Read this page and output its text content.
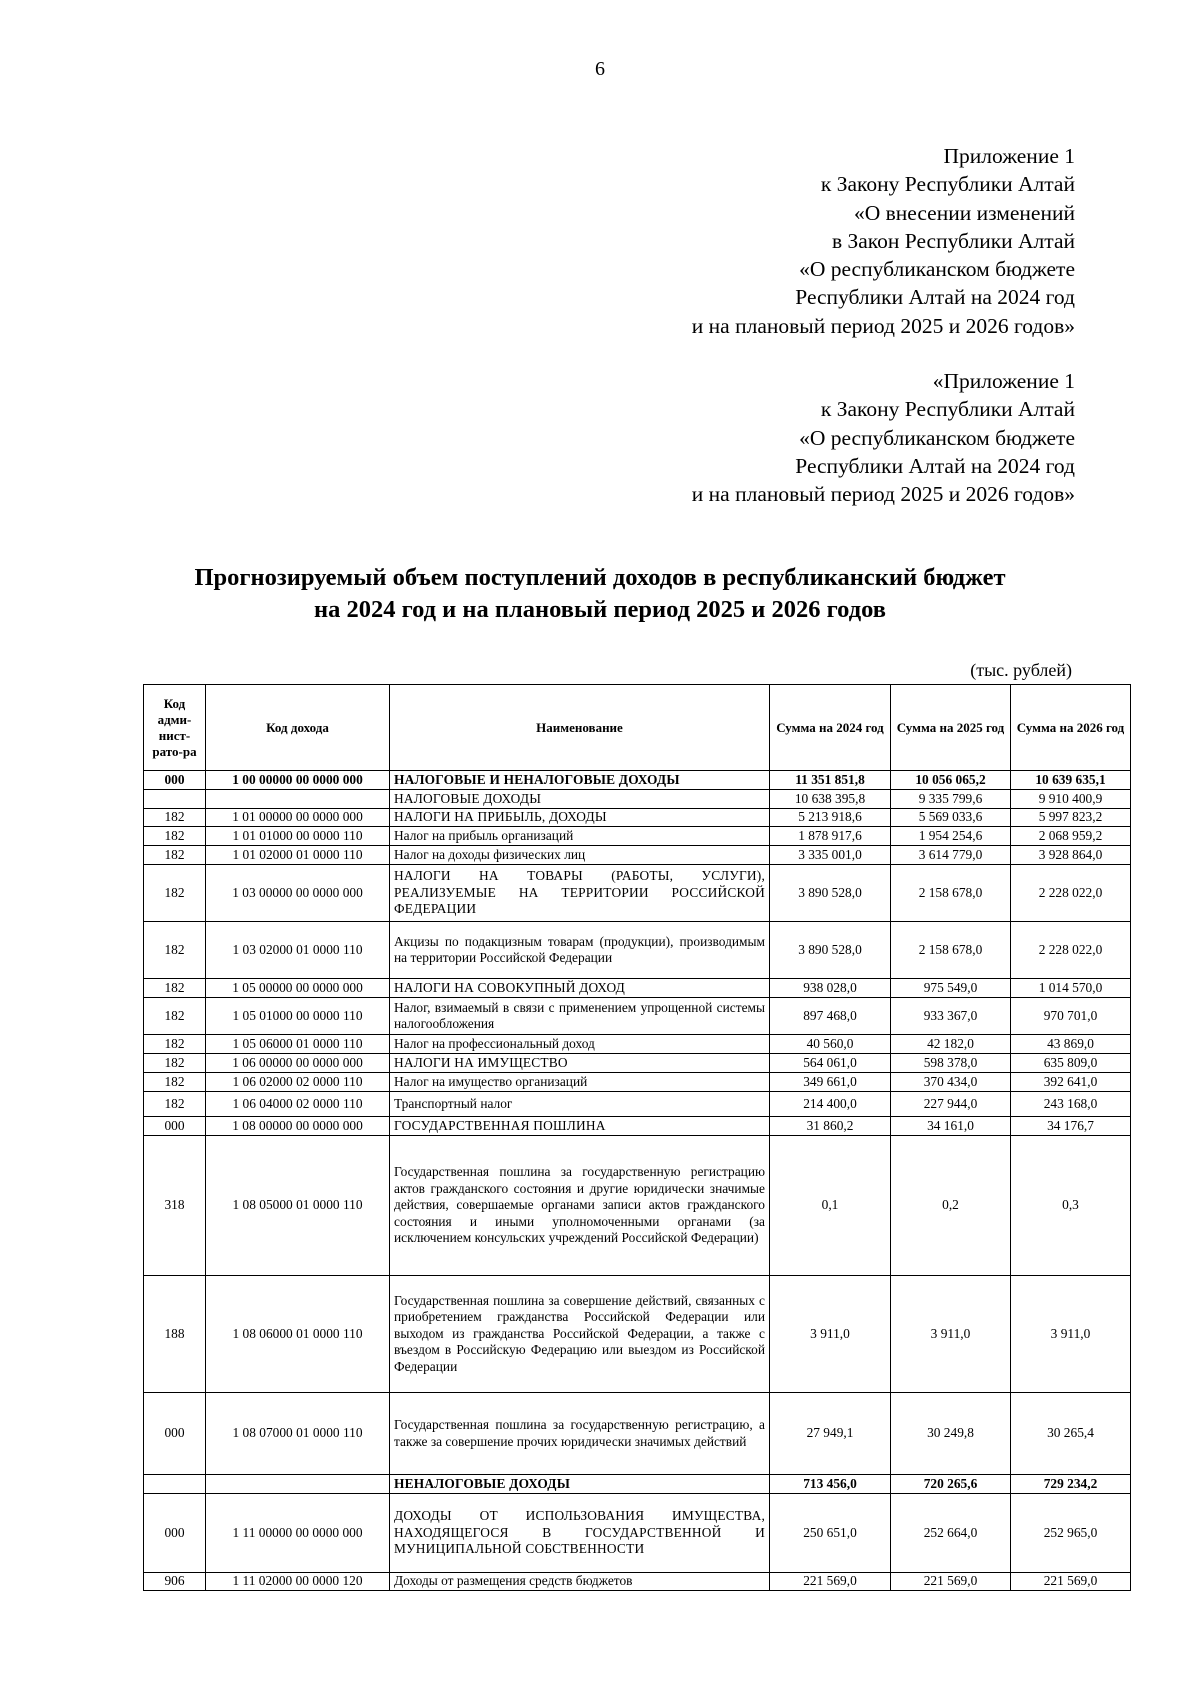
6
Приложение 1
к Закону Республики Алтай
«О внесении изменений
в Закон Республики Алтай
«О республиканском бюджете
Республики Алтай на 2024 год
и на плановый период 2025 и 2026 годов»
«Приложение 1
к Закону Республики Алтай
«О республиканском бюджете
Республики Алтай на 2024 год
и на плановый период 2025 и 2026 годов»
Прогнозируемый объем поступлений доходов в республиканский бюджет
на 2024 год и на плановый период 2025 и 2026 годов
(тыс. рублей)
Код адми-нист-рато-ра	Код дохода	Наименование	Сумма на 2024 год	Сумма на 2025 год	Сумма на 2026 год
000	1 00 00000 00 0000 000	НАЛОГОВЫЕ И НЕНАЛОГОВЫЕ ДОХОДЫ	11 351 851,8	10 056 065,2	10 639 635,1
		НАЛОГОВЫЕ ДОХОДЫ	10 638 395,8	9 335 799,6	9 910 400,9
182	1 01 00000 00 0000 000	НАЛОГИ НА ПРИБЫЛЬ, ДОХОДЫ	5 213 918,6	5 569 033,6	5 997 823,2
182	1 01 01000 00 0000 110	Налог на прибыль организаций	1 878 917,6	1 954 254,6	2 068 959,2
182	1 01 02000 01 0000 110	Налог на доходы физических лиц	3 335 001,0	3 614 779,0	3 928 864,0
182	1 03 00000 00 0000 000	НАЛОГИ НА ТОВАРЫ (РАБОТЫ, УСЛУГИ), РЕАЛИЗУЕМЫЕ НА ТЕРРИТОРИИ РОССИЙСКОЙ ФЕДЕРАЦИИ	3 890 528,0	2 158 678,0	2 228 022,0
182	1 03 02000 01 0000 110	Акцизы по подакцизным товарам (продукции), производимым на территории Российской Федерации	3 890 528,0	2 158 678,0	2 228 022,0
182	1 05 00000 00 0000 000	НАЛОГИ НА СОВОКУПНЫЙ ДОХОД	938 028,0	975 549,0	1 014 570,0
182	1 05 01000 00 0000 110	Налог, взимаемый в связи с применением упрощенной системы налогообложения	897 468,0	933 367,0	970 701,0
182	1 05 06000 01 0000 110	Налог на профессиональный доход	40 560,0	42 182,0	43 869,0
182	1 06 00000 00 0000 000	НАЛОГИ НА ИМУЩЕСТВО	564 061,0	598 378,0	635 809,0
182	1 06 02000 02 0000 110	Налог на имущество организаций	349 661,0	370 434,0	392 641,0
182	1 06 04000 02 0000 110	Транспортный налог	214 400,0	227 944,0	243 168,0
000	1 08 00000 00 0000 000	ГОСУДАРСТВЕННАЯ ПОШЛИНА	31 860,2	34 161,0	34 176,7
318	1 08 05000 01 0000 110	Государственная пошлина за государственную регистрацию актов гражданского состояния и другие юридически значимые действия, совершаемые органами записи актов гражданского состояния и иными уполномоченными органами (за исключением консульских учреждений Российской Федерации)	0,1	0,2	0,3
188	1 08 06000 01 0000 110	Государственная пошлина за совершение действий, связанных с приобретением гражданства Российской Федерации или выходом из гражданства Российской Федерации, а также с въездом в Российскую Федерацию или выездом из Российской Федерации	3 911,0	3 911,0	3 911,0
000	1 08 07000 01 0000 110	Государственная пошлина за государственную регистрацию, а также за совершение прочих юридически значимых действий	27 949,1	30 249,8	30 265,4
		НЕНАЛОГОВЫЕ ДОХОДЫ	713 456,0	720 265,6	729 234,2
000	1 11 00000 00 0000 000	ДОХОДЫ ОТ ИСПОЛЬЗОВАНИЯ ИМУЩЕСТВА, НАХОДЯЩЕГОСЯ В ГОСУДАРСТВЕННОЙ И МУНИЦИПАЛЬНОЙ СОБСТВЕННОСТИ	250 651,0	252 664,0	252 965,0
906	1 11 02000 00 0000 120	Доходы от размещения средств бюджетов	221 569,0	221 569,0	221 569,0
